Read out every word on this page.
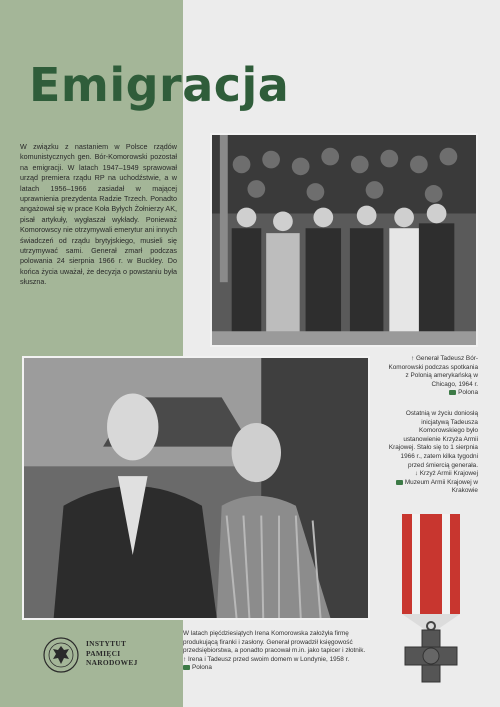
Emigracja

W związku z nastaniem w Polsce rządów komunistycznych gen. Bór-Komorowski pozostał na emigracji. W latach 1947–1949 sprawował urząd premiera rządu RP na uchodźstwie, a w latach 1956–1966 zasiadał w mającej uprawnienia prezydenta Radzie Trzech. Ponadto angażował się w prace Koła Byłych Żołnierzy AK, pisał artykuły, wygłaszał wykłady. Ponieważ Komorowscy nie otrzymywali emerytur ani innych świadczeń od rządu brytyjskiego, musieli się utrzymywać sami. Generał zmarł podczas polowania 24 sierpnia 1966 r. w Buckley. Do końca życia uważał, że decyzja o powstaniu była słuszna.

↑ Generał Tadeusz Bór-Komorowski podczas spotkania z Polonią amerykańską w Chicago, 1964 r.
Polona
Ostatnią w życiu doniosłą inicjatywą Tadeusza Komorowskiego było ustanowienie Krzyża Armii Krajowej. Stało się to 1 sierpnia 1966 r., zatem kilka tygodni przed śmiercią generała.
↓ Krzyż Armii Krajowej
Muzeum Armii Krajowej w Krakowie
W latach pięćdziesiątych Irena Komorowska założyła firmę produkującą firanki i zasłony. Generał prowadził księgowość przedsiębiorstwa, a ponadto pracował m.in. jako tapicer i złotnik.
↑ Irena i Tadeusz przed swoim domem w Londynie, 1958 r.
Polona
INSTYTUT
PAMIĘCI
NARODOWEJ
